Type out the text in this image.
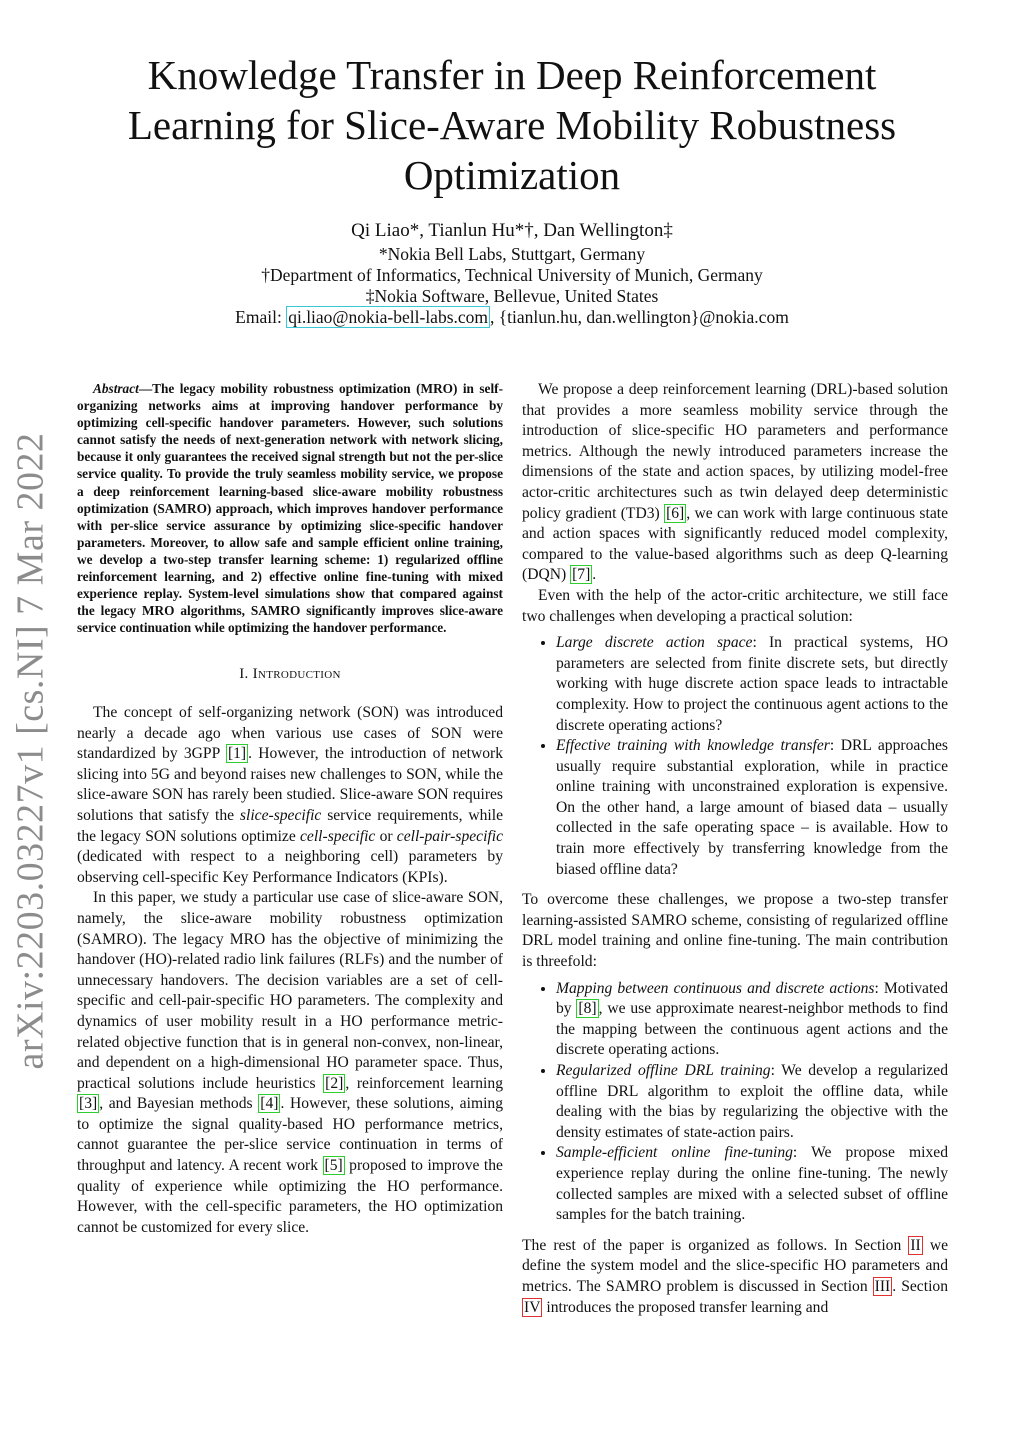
arXiv:2203.03227v1 [cs.NI] 7 Mar 2022
Knowledge Transfer in Deep Reinforcement Learning for Slice-Aware Mobility Robustness Optimization
Qi Liao*, Tianlun Hu*†, Dan Wellington‡
*Nokia Bell Labs, Stuttgart, Germany
†Department of Informatics, Technical University of Munich, Germany
‡Nokia Software, Bellevue, United States
Email: qi.liao@nokia-bell-labs.com , {tianlun.hu, dan.wellington}@nokia.com

Abstract—The legacy mobility robustness optimization (MRO) in self-organizing networks aims at improving handover performance by optimizing cell-specific handover parameters. However, such solutions cannot satisfy the needs of next-generation network with network slicing, because it only guarantees the received signal strength but not the per-slice service quality. To provide the truly seamless mobility service, we propose a deep reinforcement learning-based slice-aware mobility robustness optimization (SAMRO) approach, which improves handover performance with per-slice service assurance by optimizing slice-specific handover parameters. Moreover, to allow safe and sample efficient online training, we develop a two-step transfer learning scheme: 1) regularized offline reinforcement learning, and 2) effective online fine-tuning with mixed experience replay. System-level simulations show that compared against the legacy MRO algorithms, SAMRO significantly improves slice-aware service continuation while optimizing the handover performance.

I. Introduction

The concept of self-organizing network (SON) was introduced nearly a decade ago when various use cases of SON were standardized by 3GPP [1] . However, the introduction of network slicing into 5G and beyond raises new challenges to SON, while the slice-aware SON has rarely been studied. Slice-aware SON requires solutions that satisfy the slice-specific service requirements, while the legacy SON solutions optimize cell-specific or cell-pair-specific (dedicated with respect to a neighboring cell) parameters by observing cell-specific Key Performance Indicators (KPIs).

In this paper, we study a particular use case of slice-aware SON, namely, the slice-aware mobility robustness optimization (SAMRO). The legacy MRO has the objective of minimizing the handover (HO)-related radio link failures (RLFs) and the number of unnecessary handovers. The decision variables are a set of cell-specific and cell-pair-specific HO parameters. The complexity and dynamics of user mobility result in a HO performance metric-related objective function that is in general non-convex, non-linear, and dependent on a high-dimensional HO parameter space. Thus, practical solutions include heuristics [2] , reinforcement learning [3] , and Bayesian methods [4] . However, these solutions, aiming to optimize the signal quality-based HO performance metrics, cannot guarantee the per-slice service continuation in terms of throughput and latency. A recent work [5] proposed to improve the quality of experience while optimizing the HO performance. However, with the cell-specific parameters, the HO optimization cannot be customized for every slice.

We propose a deep reinforcement learning (DRL)-based solution that provides a more seamless mobility service through the introduction of slice-specific HO parameters and performance metrics. Although the newly introduced parameters increase the dimensions of the state and action spaces, by utilizing model-free actor-critic architectures such as twin delayed deep deterministic policy gradient (TD3) [6] , we can work with large continuous state and action spaces with significantly reduced model complexity, compared to the value-based algorithms such as deep Q-learning (DQN) [7] .

Even with the help of the actor-critic architecture, we still face two challenges when developing a practical solution:

• Large discrete action space: In practical systems, HO parameters are selected from finite discrete sets, but directly working with huge discrete action space leads to intractable complexity. How to project the continuous agent actions to the discrete operating actions?
• Effective training with knowledge transfer: DRL approaches usually require substantial exploration, while in practice online training with unconstrained exploration is expensive. On the other hand, a large amount of biased data – usually collected in the safe operating space – is available. How to train more effectively by transferring knowledge from the biased offline data?

To overcome these challenges, we propose a two-step transfer learning-assisted SAMRO scheme, consisting of regularized offline DRL model training and online fine-tuning. The main contribution is threefold:

• Mapping between continuous and discrete actions: Motivated by [8] , we use approximate nearest-neighbor methods to find the mapping between the continuous agent actions and the discrete operating actions.
• Regularized offline DRL training: We develop a regularized offline DRL algorithm to exploit the offline data, while dealing with the bias by regularizing the objective with the density estimates of state-action pairs.
• Sample-efficient online fine-tuning: We propose mixed experience replay during the online fine-tuning. The newly collected samples are mixed with a selected subset of offline samples for the batch training.

The rest of the paper is organized as follows. In Section II we define the system model and the slice-specific HO parameters and metrics. The SAMRO problem is discussed in Section III . Section IV introduces the proposed transfer learning and
